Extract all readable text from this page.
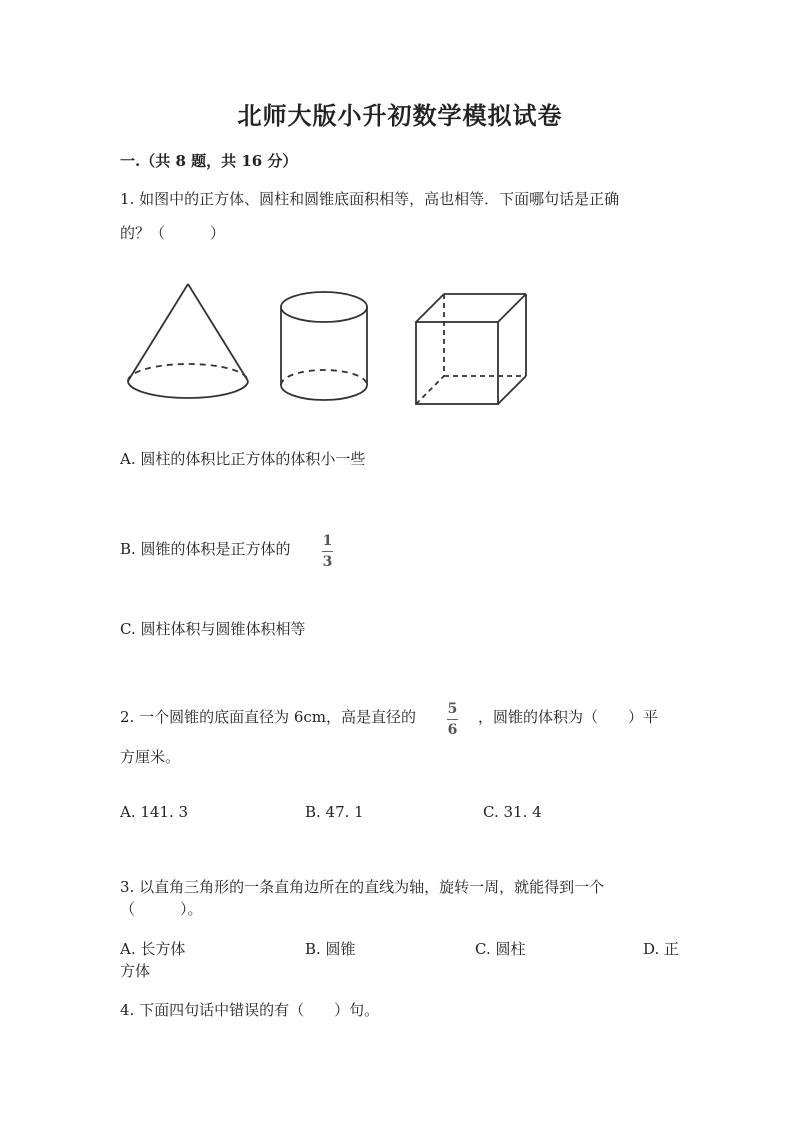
北师大版小升初数学模拟试卷
一.（共 8 题，共 16 分）
1. 如图中的正方体、圆柱和圆锥底面积相等，高也相等．下面哪句话是正确
的？（　　　）
A. 圆柱的体积比正方体的体积小一些
B. 圆锥的体积是正方体的 1
3
C. 圆柱体积与圆锥体积相等
2. 一个圆锥的底面直径为 6cm，高是直径的 5
6
，圆锥的体积为（　　）平
方厘米。
A. 141. 3	B. 47. 1	C. 31. 4
3. 以直角三角形的一条直角边所在的直线为轴，旋转一周，就能得到一个
（　　　）。
A. 长方体	B. 圆锥	C. 圆柱	D. 正
方体
4. 下面四句话中错误的有（　　）句。
